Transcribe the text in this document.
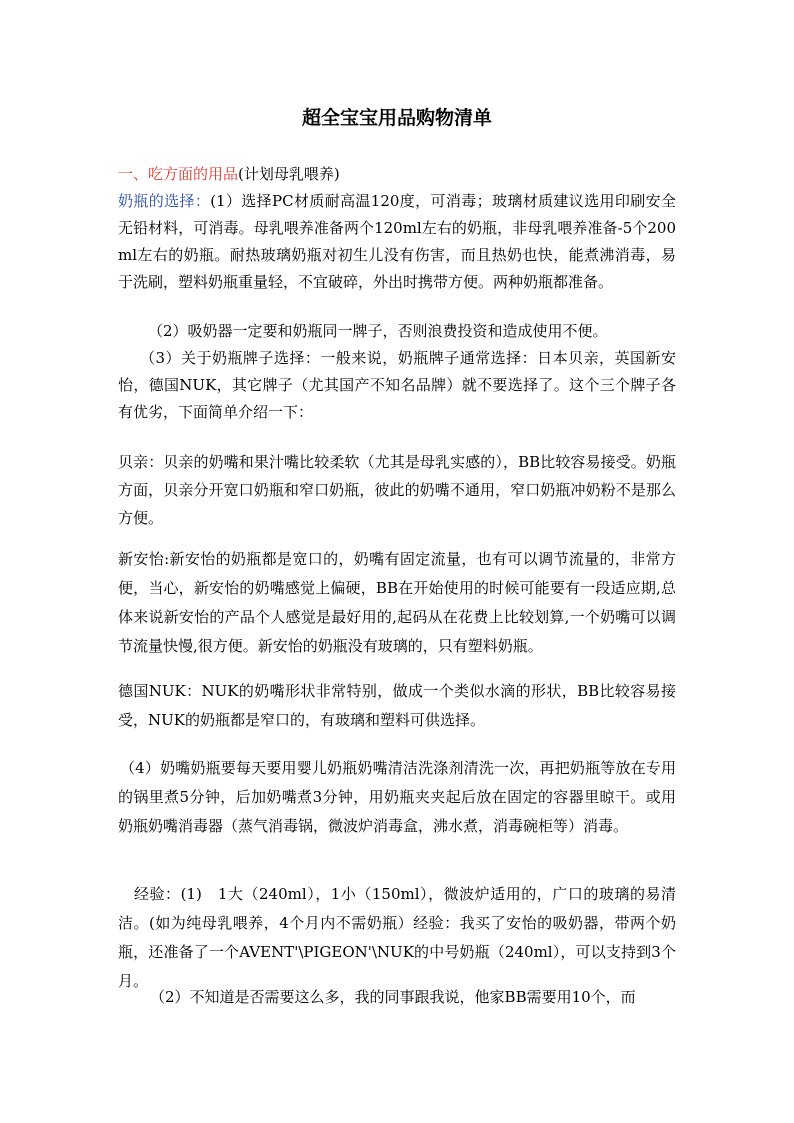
超全宝宝用品购物清单
一、吃方面的用品(计划母乳喂养)
奶瓶的选择：(1）选择PC材质耐高温120度，可消毒；玻璃材质建议选用印刷安全无铅材料，可消毒。母乳喂养准备两个120ml左右的奶瓶，非母乳喂养准备-5个200ml左右的奶瓶。耐热玻璃奶瓶对初生儿没有伤害，而且热奶也快，能煮沸消毒，易于洗刷，塑料奶瓶重量轻，不宜破碎，外出时携带方便。两种奶瓶都准备。
（2）吸奶器一定要和奶瓶同一牌子，否则浪费投资和造成使用不便。
（3）关于奶瓶牌子选择：一般来说，奶瓶牌子通常选择：日本贝亲，英国新安怡，德国NUK，其它牌子（尤其国产不知名品牌）就不要选择了。这个三个牌子各有优劣，下面简单介绍一下：
贝亲：贝亲的奶嘴和果汁嘴比较柔软（尤其是母乳实感的），BB比较容易接受。奶瓶方面，贝亲分开宽口奶瓶和窄口奶瓶，彼此的奶嘴不通用，窄口奶瓶冲奶粉不是那么方便。
新安怡:新安怡的奶瓶都是宽口的，奶嘴有固定流量，也有可以调节流量的，非常方便，当心，新安怡的奶嘴感觉上偏硬，BB在开始使用的时候可能要有一段适应期,总体来说新安怡的产品个人感觉是最好用的,起码从在花费上比较划算,一个奶嘴可以调节流量快慢,很方便。新安怡的奶瓶没有玻璃的，只有塑料奶瓶。
德国NUK：NUK的奶嘴形状非常特别，做成一个类似水滴的形状，BB比较容易接受，NUK的奶瓶都是窄口的，有玻璃和塑料可供选择。
（4）奶嘴奶瓶要每天要用婴儿奶瓶奶嘴清洁洗涤剂清洗一次，再把奶瓶等放在专用的锅里煮5分钟，后加奶嘴煮3分钟，用奶瓶夹夹起后放在固定的容器里晾干。或用奶瓶奶嘴消毒器（蒸气消毒锅，微波炉消毒盒，沸水煮，消毒碗柜等）消毒。
经验：(1)　1大（240ml），1小（150ml），微波炉适用的，广口的玻璃的易清洁。(如为纯母乳喂养，4个月内不需奶瓶）经验：我买了安怡的吸奶器，带两个奶瓶，还准备了一个AVENT'\PIGEON'\NUK的中号奶瓶（240ml），可以支持到3个月。
（2）不知道是否需要这么多，我的同事跟我说，他家BB需要用10个，而
